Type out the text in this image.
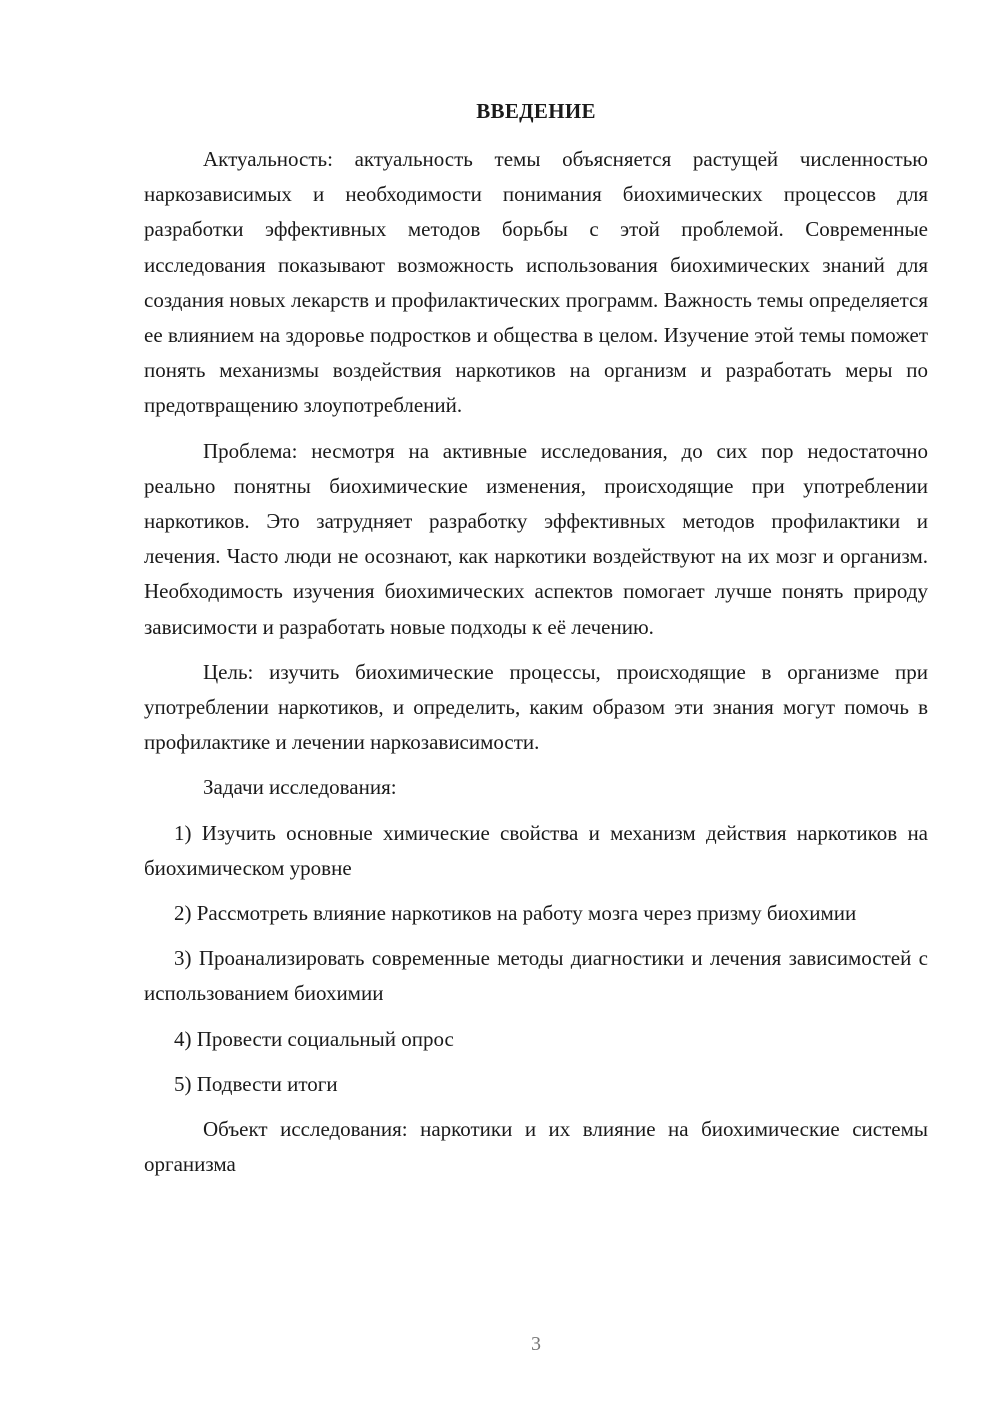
ВВЕДЕНИЕ

Актуальность: актуальность темы объясняется растущей численностью наркозависимых и необходимости понимания биохимических процессов для разработки эффективных методов борьбы с этой проблемой. Современные исследования показывают возможность использования биохимических знаний для создания новых лекарств и профилактических программ. Важность темы определяется ее влиянием на здоровье подростков и общества в целом. Изучение этой темы поможет понять механизмы воздействия наркотиков на организм и разработать меры по предотвращению злоупотреблений.

Проблема: несмотря на активные исследования, до сих пор недостаточно реально понятны биохимические изменения, происходящие при употреблении наркотиков. Это затрудняет разработку эффективных методов профилактики и лечения. Часто люди не осознают, как наркотики воздействуют на их мозг и организм. Необходимость изучения биохимических аспектов помогает лучше понять природу зависимости и разработать новые подходы к её лечению.

Цель: изучить биохимические процессы, происходящие в организме при употреблении наркотиков, и определить, каким образом эти знания могут помочь в профилактике и лечении наркозависимости.

Задачи исследования:

1) Изучить основные химические свойства и механизм действия наркотиков на биохимическом уровне

2) Рассмотреть влияние наркотиков на работу мозга через призму биохимии

3) Проанализировать современные методы диагностики и лечения зависимостей с использованием биохимии

4) Провести социальный опрос

5) Подвести итоги

Объект исследования: наркотики и их влияние на биохимические системы организма

3
